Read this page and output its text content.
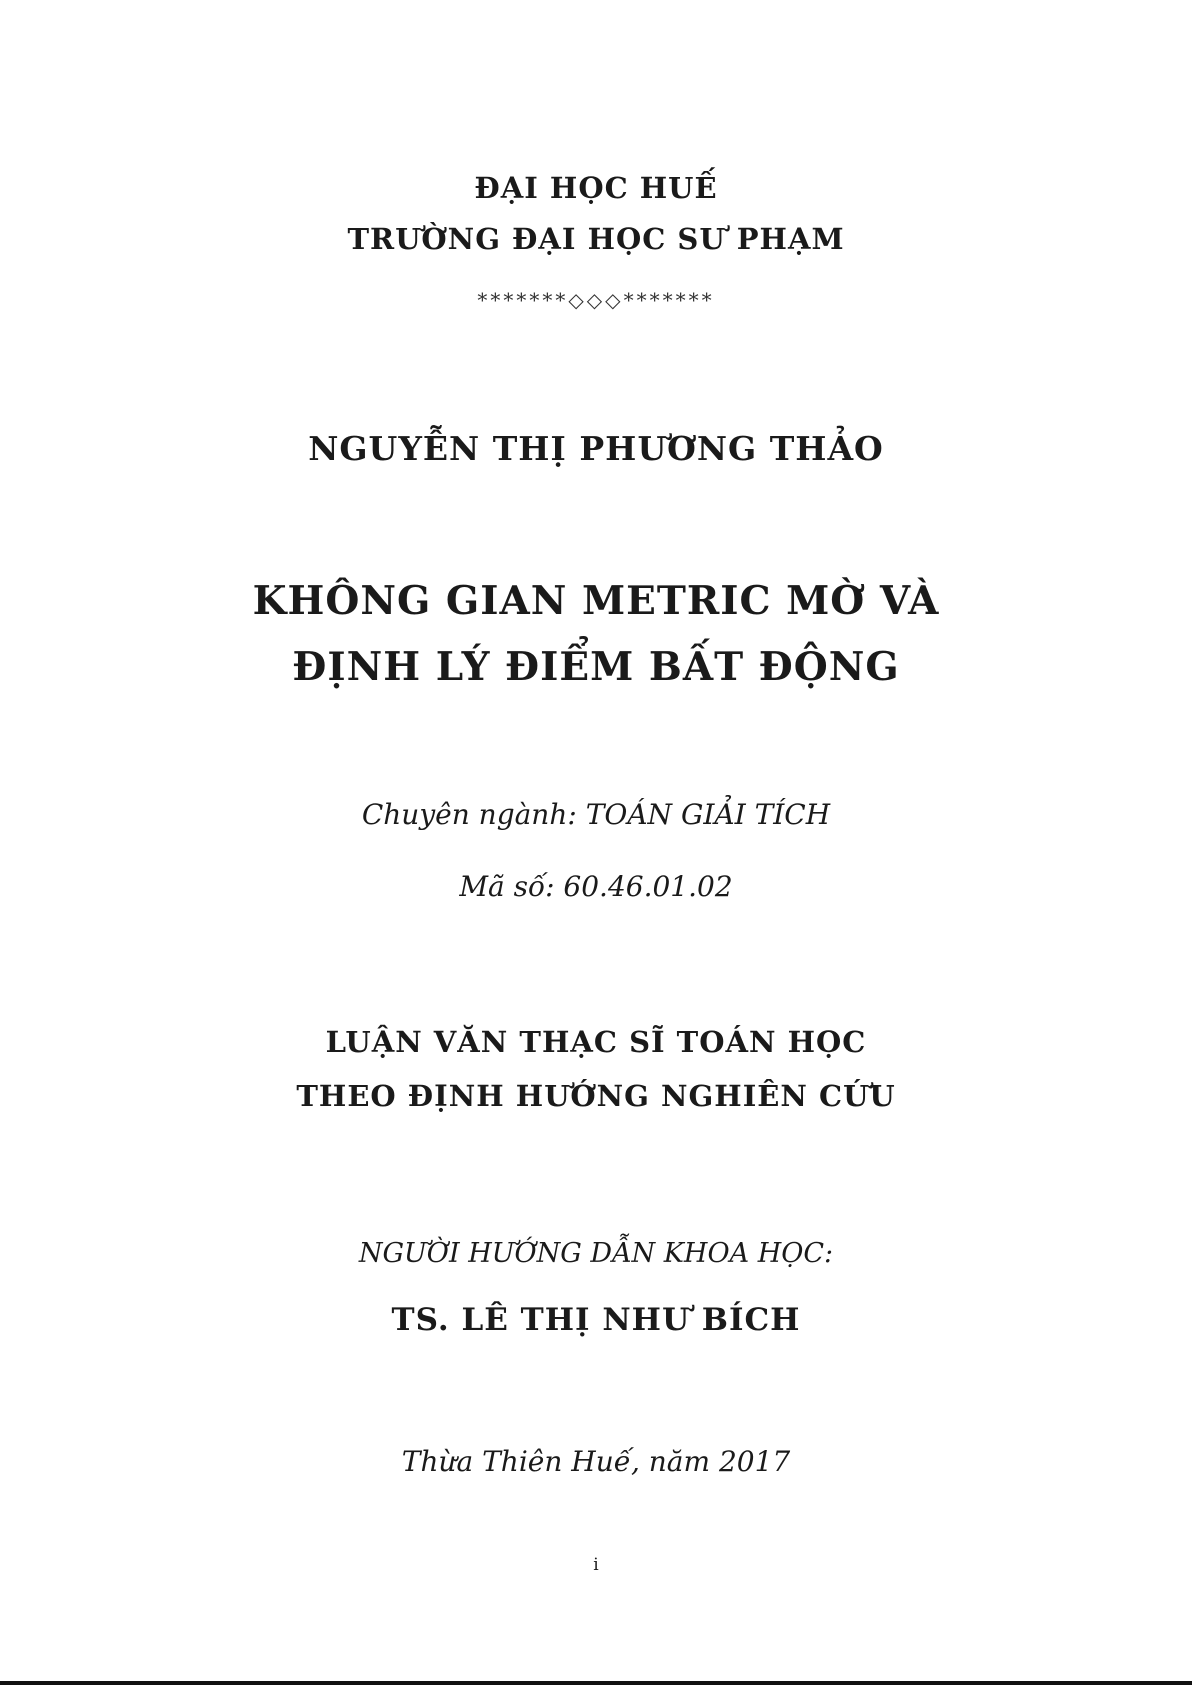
ĐẠI HỌC HUẾ
TRƯỜNG ĐẠI HỌC SƯ PHẠM
*******◇◇◇*******
NGUYỄN THỊ PHƯƠNG THẢO
KHÔNG GIAN METRIC MỜ VÀ
ĐỊNH LÝ ĐIỂM BẤT ĐỘNG
Chuyên ngành: TOÁN GIẢI TÍCH
Mã số: 60.46.01.02
LUẬN VĂN THẠC SĨ TOÁN HỌC
THEO ĐỊNH HƯỚNG NGHIÊN CỨU
NGƯỜI HƯỚNG DẪN KHOA HỌC:
TS. LÊ THỊ NHƯ BÍCH
Thừa Thiên Huế, năm 2017
i
